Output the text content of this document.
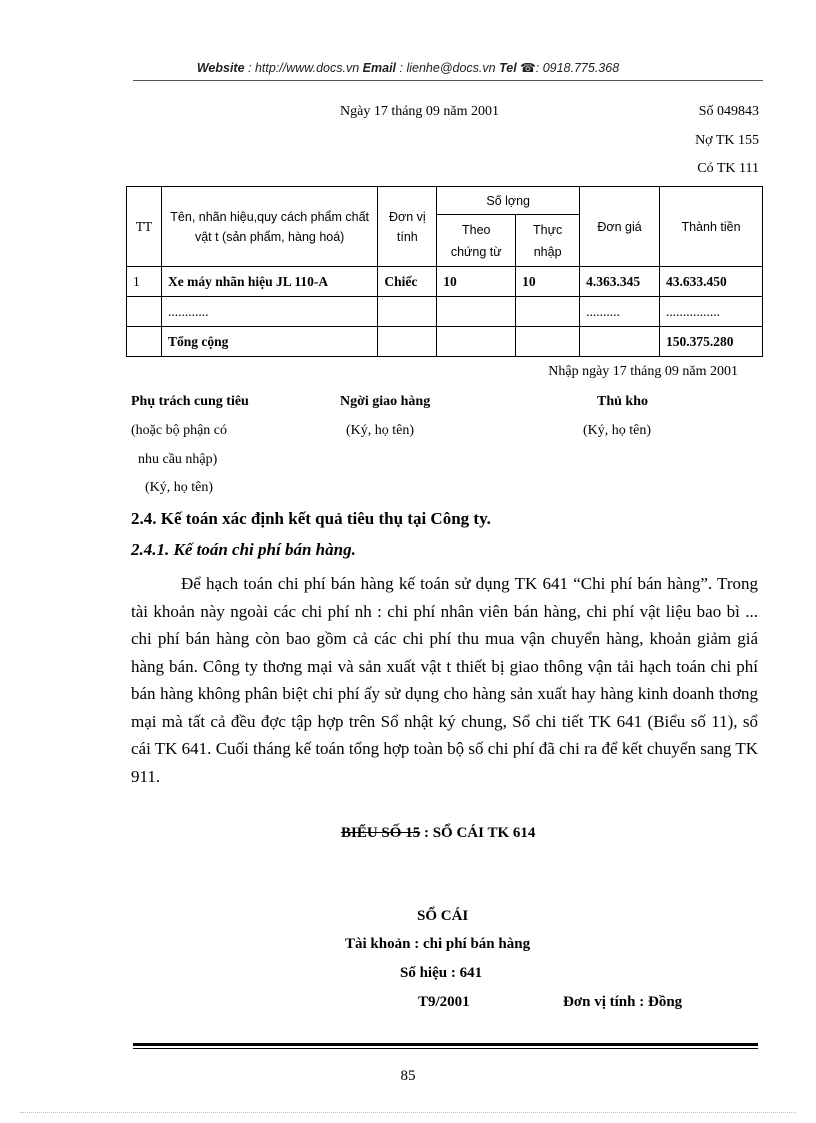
Website : http://www.docs.vn Email : lienhe@docs.vn Tel ☎: 0918.775.368
Ngày 17 tháng 09 năm 2001	Số 049843
Nợ TK 155
Có TK 111
TT	Tên, nhãn hiệu,quy cách phẩm chất vật t (sản phẩm, hàng hoá)	Đơn vị tính	Số lợng		Đơn giá	Thành tiền
			Theo chứng từ	Thực nhập		
1	Xe máy nhãn hiệu JL 110-A	Chiếc	10	10	4.363.345	43.633.450
	............				..........	................
	Tổng cộng					150.375.280
Nhập ngày 17 tháng 09 năm 2001
Phụ trách cung tiêu
(hoặc bộ phận có
nhu cầu nhập)
(Ký, họ tên)
Ngời giao hàng
(Ký, họ tên)
Thủ kho
(Ký, họ tên)
2.4. Kế toán xác định kết quả tiêu thụ tại Công ty.
2.4.1. Kế toán chi phí bán hàng.
Để hạch toán chi phí bán hàng kế toán sử dụng TK 641 “Chi phí bán hàng”. Trong tài khoản này ngoài các chi phí nh : chi phí nhân viên bán hàng, chi phí vật liệu bao bì ... chi phí bán hàng còn bao gồm cả các chi phí thu mua vận chuyển hàng, khoản giảm giá hàng bán. Công ty thơng mại và sản xuất vật t thiết bị giao thông vận tải hạch toán chi phí bán hàng không phân biệt chi phí ấy sử dụng cho hàng sản xuất hay hàng kinh doanh thơng mại mà tất cả đều đợc tập hợp trên Sổ nhật ký chung, Sổ chi tiết TK 641 (Biểu số 11), sổ cái TK 641. Cuối tháng kế toán tổng hợp toàn bộ số chi phí đã chi ra để kết chuyển sang TK 911.
BIỂU SỐ 15 : SỔ CÁI TK 614
SỔ CÁI
Tài khoản : chi phí bán hàng
Số hiệu : 641
T9/2001	Đơn vị tính : Đồng
85
